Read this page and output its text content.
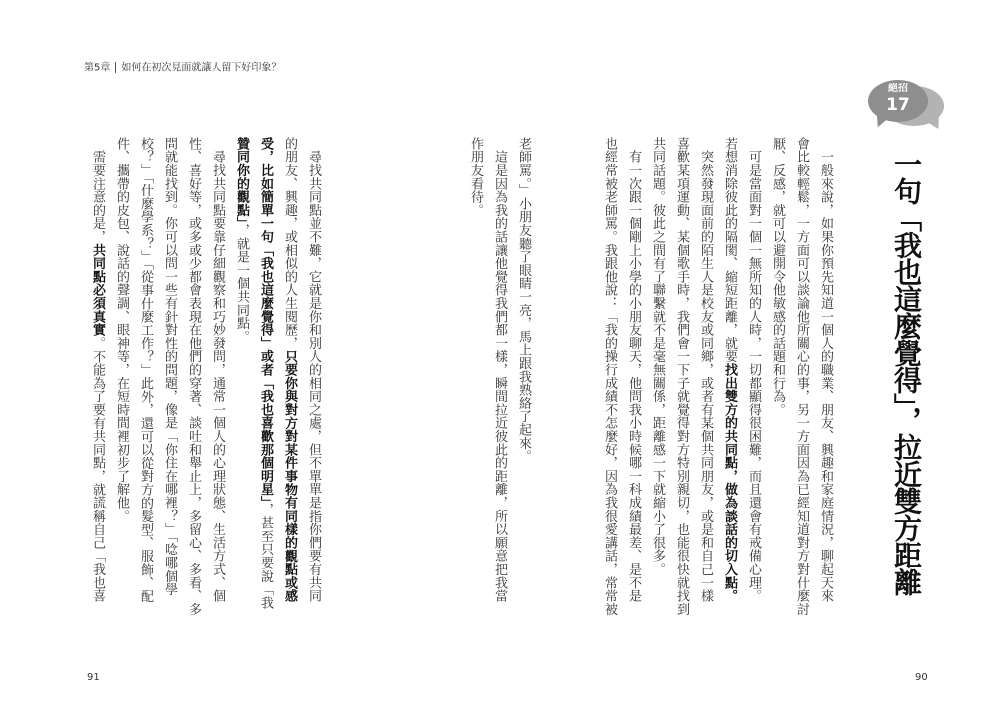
第5章 如何在初次見面就讓人留下好印象？
絕招
17
一句「我也這麼覺得」，拉近雙方距離
　一般來說，如果你預先知道一個人的職業、朋友、興趣和家庭情況，聊起天來
會比較輕鬆，一方面可以談論他所關心的事，另一方面因為已經知道對方對什麼討
厭、反感，就可以避開令他敏感的話題和行為。
　可是當面對一個一無所知的人時，一切都顯得很困難，而且還會有戒備心理。
若想消除彼此的隔閡、縮短距離，就要找出雙方的共同點，做為談話的切入點。
　突然發現面前的陌生人是校友或同鄉，或者有某個共同朋友，或是和自己一樣
喜歡某項運動、某個歌手時，我們會一下子就覺得對方特別親切，也能很快就找到
共同話題。彼此之間有了聯繫就不是毫無關係，距離感一下就縮小了很多。
　有一次跟一個剛上小學的小朋友聊天，他問我小時候哪一科成績最差、是不是
也經常被老師罵。我跟他說：「我的操行成績不怎麼好，因為我很愛講話，常常被
老師罵。」小朋友聽了眼睛一亮，馬上跟我熟絡了起來。
　這是因為我的話讓他覺得我們都一樣，瞬間拉近彼此的距離，所以願意把我當
作朋友看待。
　尋找共同點並不難，它就是你和別人的相同之處，但不單單是指你們要有共同
的朋友、興趣，或相似的人生閱歷，只要你與對方對某件事物有同樣的觀點或感
受，比如簡單一句「我也這麼覺得」或者「我也喜歡那個明星」，甚至只要說「我
贊同你的觀點」，就是一個共同點。
　尋找共同點要靠仔細觀察和巧妙發問，通常一個人的心理狀態、生活方式、個
性、喜好等，或多或少都會表現在他們的穿著、談吐和舉止上，多留心、多看、多
問就能找到。你可以問一些有針對性的問題，像是「你住在哪裡？」「唸哪個學
校？」「什麼學系？」「從事什麼工作？」此外，還可以從對方的髮型、服飾、配
件、攜帶的皮包、說話的聲調、眼神等，在短時間裡初步了解他。
　需要注意的是，共同點必須真實。不能為了要有共同點，就謊稱自己「我也喜
91	90
